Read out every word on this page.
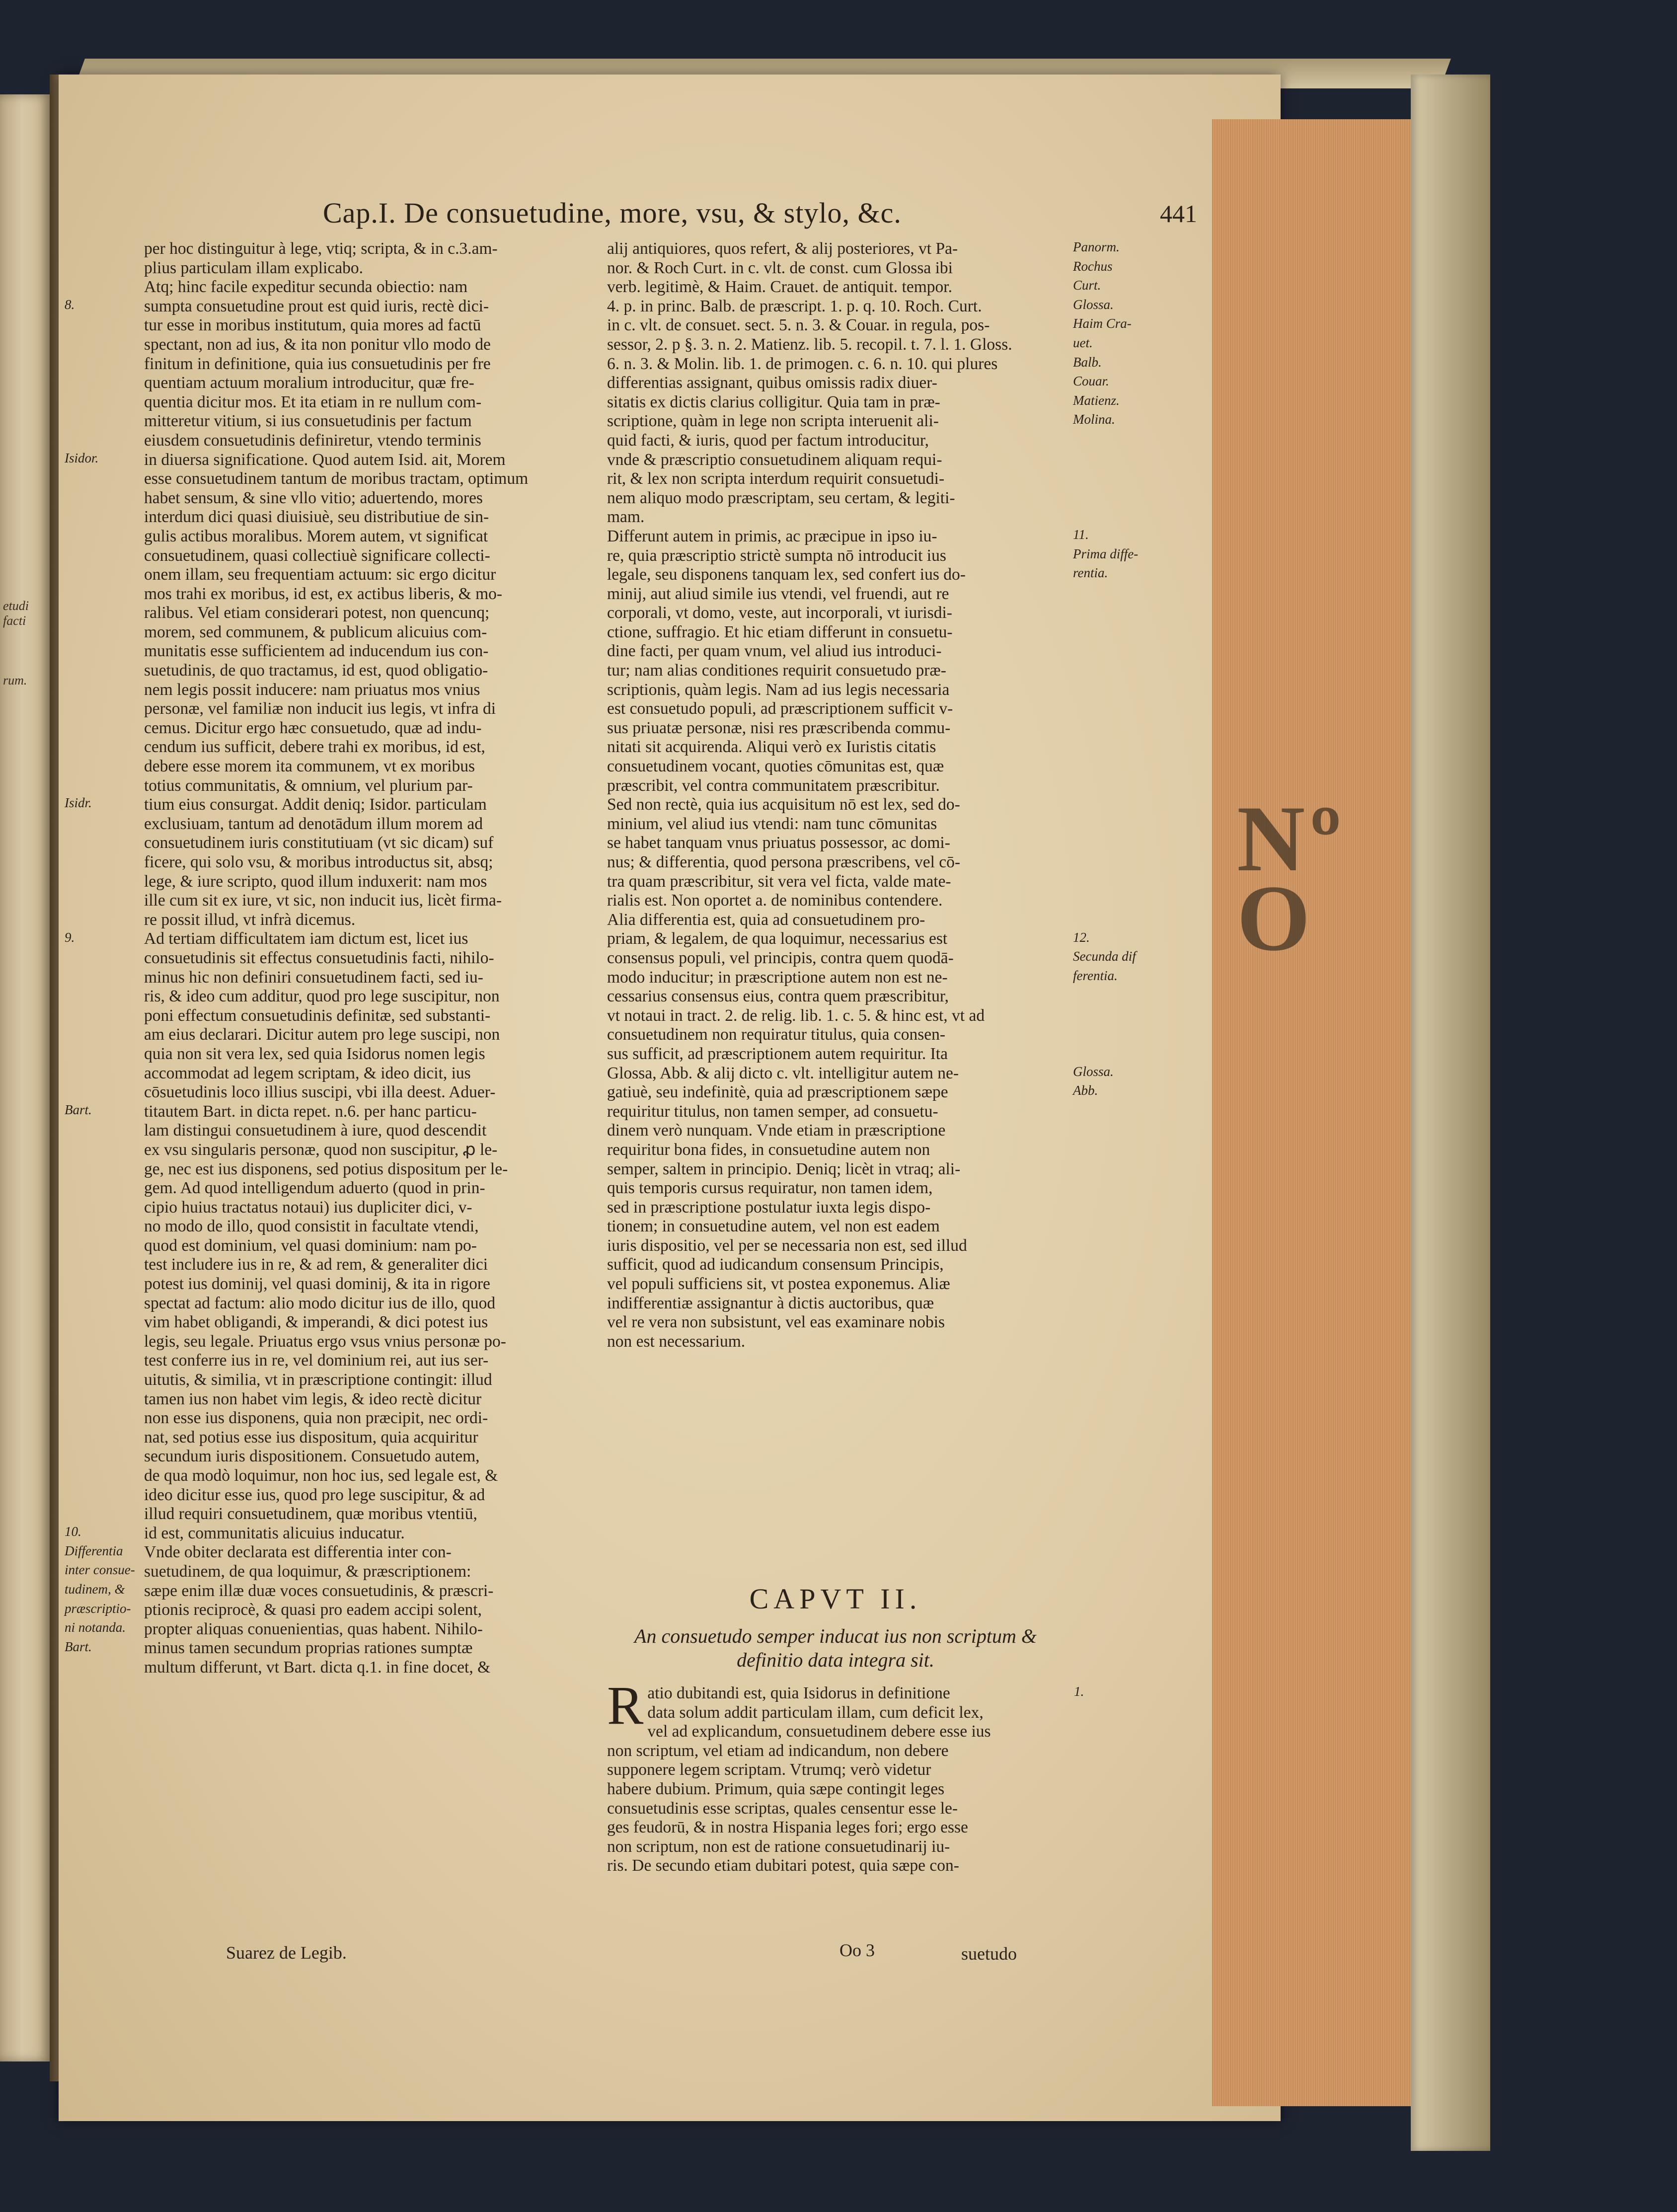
etudi
facti
rum.
Nº
O
Cap.I. De consuetudine, more, vsu, & stylo, &c.	441
per hoc distinguitur à lege, vtiq; scripta, & in c.3.am-
plius particulam illam explicabo.
Atq; hinc facile expeditur secunda obiectio: nam
sumpta consuetudine prout est quid iuris, rectè dici-
tur esse in moribus institutum, quia mores ad factū
spectant, non ad ius, & ita non ponitur vllo modo de
finitum in definitione, quia ius consuetudinis per fre
quentiam actuum moralium introducitur, quæ fre-
quentia dicitur mos. Et ita etiam in re nullum com-
mitteretur vitium, si ius consuetudinis per factum
eiusdem consuetudinis definiretur, vtendo terminis
in diuersa significatione. Quod autem Isid. ait, Morem
esse consuetudinem tantum de moribus tractam, optimum
habet sensum, & sine vllo vitio; aduertendo, mores
interdum dici quasi diuisiuè, seu distributiue de sin-
gulis actibus moralibus. Morem autem, vt significat
consuetudinem, quasi collectiuè significare collecti-
onem illam, seu frequentiam actuum: sic ergo dicitur
mos trahi ex moribus, id est, ex actibus liberis, & mo-
ralibus. Vel etiam considerari potest, non quencunq;
morem, sed communem, & publicum alicuius com-
munitatis esse sufficientem ad inducendum ius con-
suetudinis, de quo tractamus, id est, quod obligatio-
nem legis possit inducere: nam priuatus mos vnius
personæ, vel familiæ non inducit ius legis, vt infra di
cemus. Dicitur ergo hæc consuetudo, quæ ad indu-
cendum ius sufficit, debere trahi ex moribus, id est,
debere esse morem ita communem, vt ex moribus
totius communitatis, & omnium, vel plurium par-
tium eius consurgat. Addit deniq; Isidor. particulam
exclusiuam, tantum ad denotādum illum morem ad
consuetudinem iuris constitutiuam (vt sic dicam) suf
ficere, qui solo vsu, & moribus introductus sit, absq;
lege, & iure scripto, quod illum induxerit: nam mos
ille cum sit ex iure, vt sic, non inducit ius, licèt firma-
re possit illud, vt infrà dicemus.
Ad tertiam difficultatem iam dictum est, licet ius
consuetudinis sit effectus consuetudinis facti, nihilo-
minus hic non definiri consuetudinem facti, sed iu-
ris, & ideo cum additur, quod pro lege suscipitur, non
poni effectum consuetudinis definitæ, sed substanti-
am eius declarari. Dicitur autem pro lege suscipi, non
quia non sit vera lex, sed quia Isidorus nomen legis
accommodat ad legem scriptam, & ideo dicit, ius
cōsuetudinis loco illius suscipi, vbi illa deest. Aduer-
titautem Bart. in dicta repet. n.6. per hanc particu-
lam distingui consuetudinem à iure, quod descendit
ex vsu singularis personæ, quod non suscipitur, ꝓ le-
ge, nec est ius disponens, sed potius dispositum per le-
gem. Ad quod intelligendum aduerto (quod in prin-
cipio huius tractatus notaui) ius dupliciter dici, v-
no modo de illo, quod consistit in facultate vtendi,
quod est dominium, vel quasi dominium: nam po-
test includere ius in re, & ad rem, & generaliter dici
potest ius dominij, vel quasi dominij, & ita in rigore
spectat ad factum: alio modo dicitur ius de illo, quod
vim habet obligandi, & imperandi, & dici potest ius
legis, seu legale. Priuatus ergo vsus vnius personæ po-
test conferre ius in re, vel dominium rei, aut ius ser-
uitutis, & similia, vt in præscriptione contingit: illud
tamen ius non habet vim legis, & ideo rectè dicitur
non esse ius disponens, quia non præcipit, nec ordi-
nat, sed potius esse ius dispositum, quia acquiritur
secundum iuris dispositionem. Consuetudo autem,
de qua modò loquimur, non hoc ius, sed legale est, &
ideo dicitur esse ius, quod pro lege suscipitur, & ad
illud requiri consuetudinem, quæ moribus vtentiū,
id est, communitatis alicuius inducatur.
Vnde obiter declarata est differentia inter con-
suetudinem, de qua loquimur, & præscriptionem:
sæpe enim illæ duæ voces consuetudinis, & præscri-
ptionis reciprocè, & quasi pro eadem accipi solent,
propter aliquas conuenientias, quas habent. Nihilo-
minus tamen secundum proprias rationes sumptæ
multum differunt, vt Bart. dicta q.1. in fine docet, &
8.
Isidor.
Isidr.
9.
Bart.
10.
Differentia
inter consue-
tudinem, &
præscriptio-
ni notanda.
Bart.
Suarez de Legib.
alij antiquiores, quos refert, & alij posteriores, vt Pa-
nor. & Roch Curt. in c. vlt. de const. cum Glossa ibi
verb. legitimè, & Haim. Crauet. de antiquit. tempor.
4. p. in princ. Balb. de præscript. 1. p. q. 10. Roch. Curt.
in c. vlt. de consuet. sect. 5. n. 3. & Couar. in regula, pos-
sessor, 2. p §. 3. n. 2. Matienz. lib. 5. recopil. t. 7. l. 1. Gloss.
6. n. 3. & Molin. lib. 1. de primogen. c. 6. n. 10. qui plures
differentias assignant, quibus omissis radix diuer-
sitatis ex dictis clarius colligitur. Quia tam in præ-
scriptione, quàm in lege non scripta interuenit ali-
quid facti, & iuris, quod per factum introducitur,
vnde & præscriptio consuetudinem aliquam requi-
rit, & lex non scripta interdum requirit consuetudi-
nem aliquo modo præscriptam, seu certam, & legiti-
mam.
Differunt autem in primis, ac præcipue in ipso iu-
re, quia præscriptio strictè sumpta nō introducit ius
legale, seu disponens tanquam lex, sed confert ius do-
minij, aut aliud simile ius vtendi, vel fruendi, aut re
corporali, vt domo, veste, aut incorporali, vt iurisdi-
ctione, suffragio. Et hic etiam differunt in consuetu-
dine facti, per quam vnum, vel aliud ius introduci-
tur; nam alias conditiones requirit consuetudo præ-
scriptionis, quàm legis. Nam ad ius legis necessaria
est consuetudo populi, ad præscriptionem sufficit v-
sus priuatæ personæ, nisi res præscribenda commu-
nitati sit acquirenda. Aliqui verò ex Iuristis citatis
consuetudinem vocant, quoties cōmunitas est, quæ
præscribit, vel contra communitatem præscribitur.
Sed non rectè, quia ius acquisitum nō est lex, sed do-
minium, vel aliud ius vtendi: nam tunc cōmunitas
se habet tanquam vnus priuatus possessor, ac domi-
nus; & differentia, quod persona præscribens, vel cō-
tra quam præscribitur, sit vera vel ficta, valde mate-
rialis est. Non oportet a. de nominibus contendere.
Alia differentia est, quia ad consuetudinem pro-
priam, & legalem, de qua loquimur, necessarius est
consensus populi, vel principis, contra quem quodā-
modo inducitur; in præscriptione autem non est ne-
cessarius consensus eius, contra quem præscribitur,
vt notaui in tract. 2. de relig. lib. 1. c. 5. & hinc est, vt ad
consuetudinem non requiratur titulus, quia consen-
sus sufficit, ad præscriptionem autem requiritur. Ita
Glossa, Abb. & alij dicto c. vlt. intelligitur autem ne-
gatiuè, seu indefinitè, quia ad præscriptionem sæpe
requiritur titulus, non tamen semper, ad consuetu-
dinem verò nunquam. Vnde etiam in præscriptione
requiritur bona fides, in consuetudine autem non
semper, saltem in principio. Deniq; licèt in vtraq; ali-
quis temporis cursus requiratur, non tamen idem,
sed in præscriptione postulatur iuxta legis dispo-
tionem; in consuetudine autem, vel non est eadem
iuris dispositio, vel per se necessaria non est, sed illud
sufficit, quod ad iudicandum consensum Principis,
vel populi sufficiens sit, vt postea exponemus. Aliæ
indifferentiæ assignantur à dictis auctoribus, quæ
vel re vera non subsistunt, vel eas examinare nobis
non est necessarium.
Panorm.
Rochus
Curt.
Glossa.
Haim Cra-
uet.
Balb.
Couar.
Matienz.
Molina.
11.
Prima diffe-
rentia.
12.
Secunda dif
ferentia.
Glossa.
Abb.
CAPVT II.
An consuetudo semper inducat ius non scriptum &
definitio data integra sit.
R atio dubitandi est, quia Isidorus in definitione
data solum addit particulam illam, cum deficit lex,
vel ad explicandum, consuetudinem debere esse ius
non scriptum, vel etiam ad indicandum, non debere
supponere legem scriptam. Vtrumq; verò videtur
habere dubium. Primum, quia sæpe contingit leges
consuetudinis esse scriptas, quales censentur esse le-
ges feudorū, & in nostra Hispania leges fori; ergo esse
non scriptum, non est de ratione consuetudinarij iu-
ris. De secundo etiam dubitari potest, quia sæpe con-
1.
Oo 3	suetudo
